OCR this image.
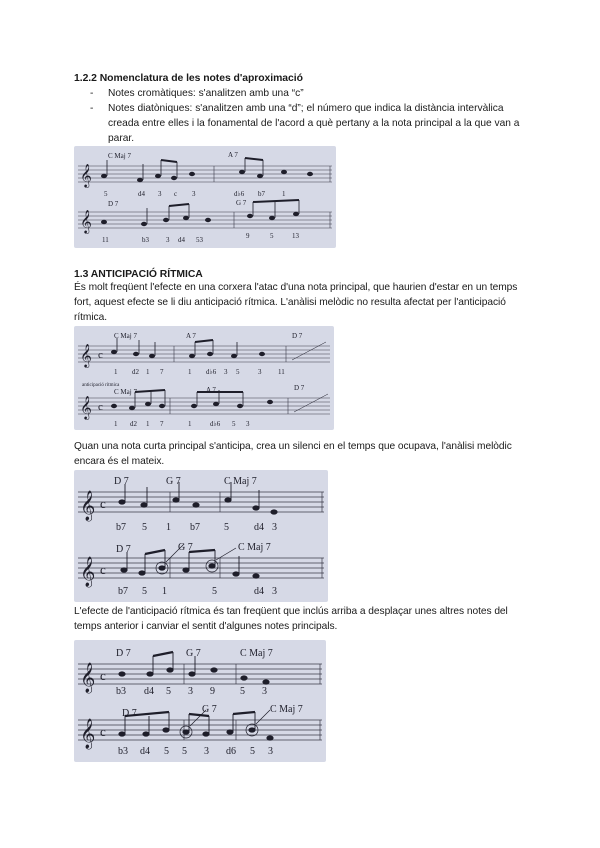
1.2.2 Nomenclatura de les notes d'aproximació
- Notes cromàtiques: s'analitzen amb una “c”
- Notes diatòniques: s'analitzen amb una “d”; el número que indica la distància intervàlica creada entre elles i la fonamental de l'acord a què pertany a la nota principal a la que van a parar.
𝄞
𝄞
C Maj 7	A 7
5	d4 3 c 3	d♭6 b7 1
D 7	G 7
11	b3 3 d4 53	9	5	13
1.3 ANTICIPACIÓ RÍTMICA
És molt freqüent l'efecte en una corxera l'atac d'una nota principal, que haurien d'estar en un temps fort, aquest efecte se li diu anticipació rítmica. L'anàlisi melòdic no resulta afectat per l'anticipació rítmica.
𝄞
𝄞
c
c
C Maj 7	A 7	D 7
1 d2 1 7	1 d♭6 3 5	3 11
anticipació rítmica
C Maj 7	A 7	D 7
1 d2 1 7	1	d♭6 5 3
Quan una nota curta principal s'anticipa, crea un silenci en el temps que ocupava, l'anàlisi melòdic encara és el mateix.
𝄞
𝄞
c
c
D 7	G 7	C Maj 7
b7 5 1 b7 5	d4 3
D 7	G 7	C Maj 7
b7 5 1	5	d4 3
L'efecte de l'anticipació rítmica és tan freqüent que inclús arriba a desplaçar unes altres notes del temps anterior i canviar el sentit d'algunes notes principals.
𝄞
𝄞
c
c
D 7	G 7	C Maj 7
b3 d4 5 3 9	5 3
D 7	G 7	C Maj 7
b3 d4 5 5 3 d6 5 3
